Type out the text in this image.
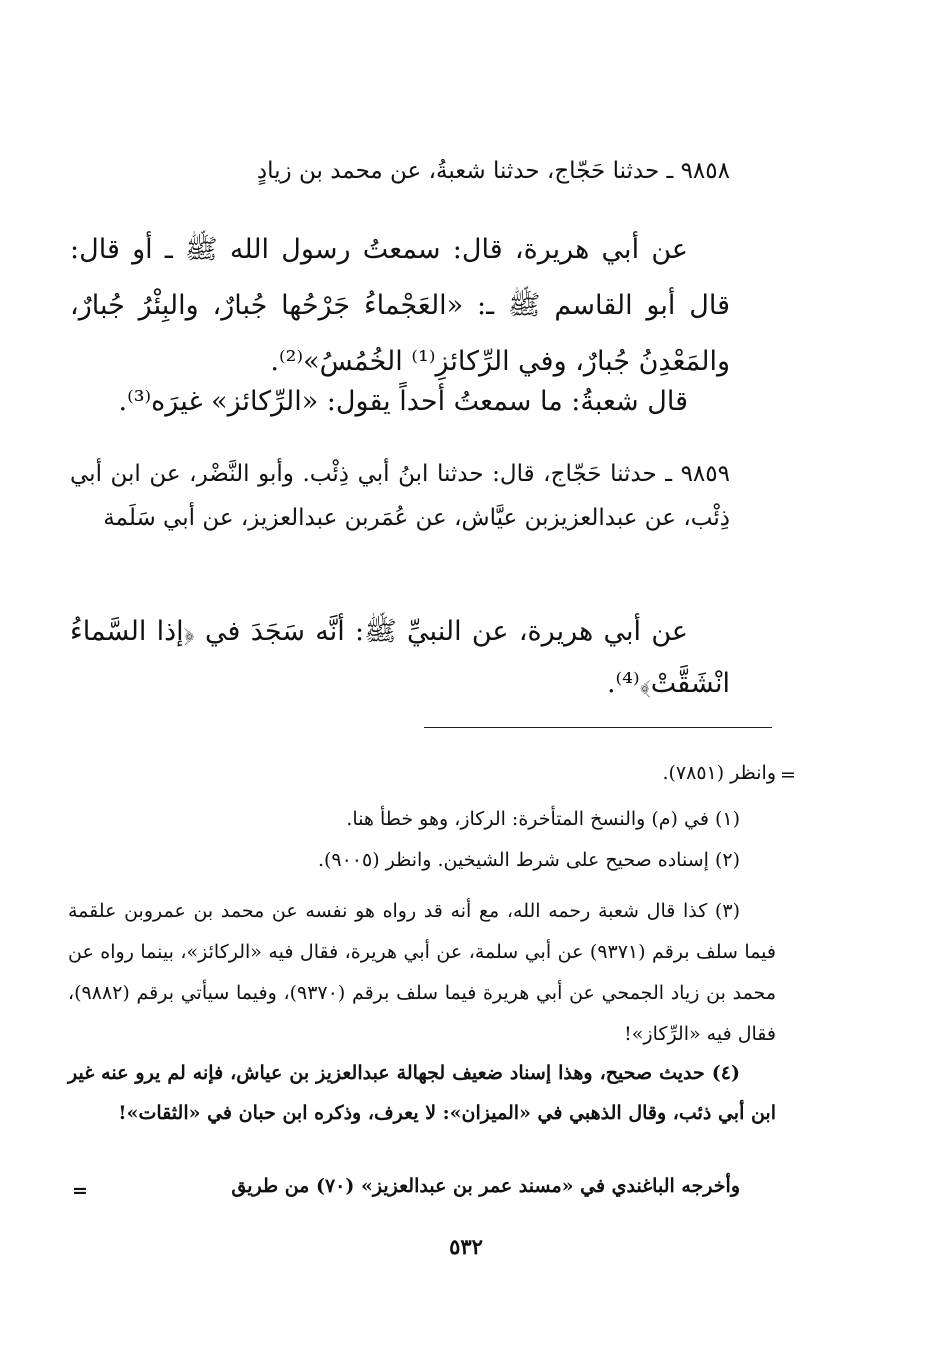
٩٨٥٨ ـ حدثنا حَجّاج، حدثنا شعبةُ، عن محمد بن زيادٍ

عن أبي هريرة، قال: سمعتُ رسول الله ﷺ ـ أو قال: قال أبو القاسم ﷺ ـ: «العَجْماءُ جَرْحُها جُبارٌ، والبِئْرُ جُبارٌ، والمَعْدِنُ جُبارٌ، وفي الرِّكائزِ⁽¹⁾ الخُمُسُ»⁽²⁾.

قال شعبةُ: ما سمعتُ أحداً يقول: «الرِّكائز» غيرَه⁽³⁾.

٩٨٥٩ ـ حدثنا حَجّاج، قال: حدثنا ابنُ أبي ذِئْب. وأبو النَّضْر، عن ابن أبي ذِئْب، عن عبدالعزيزبن عيَّاش، عن عُمَربن عبدالعزيز، عن أبي سَلَمة

عن أبي هريرة، عن النبيِّ ﷺ: أنَّه سَجَدَ في ﴿إذا السَّماءُ انْشَقَّتْ﴾⁽⁴⁾.

=

وانظر (٧٨٥١).

(١) في (م) والنسخ المتأخرة: الركاز، وهو خطأ هنا.

(٢) إسناده صحيح على شرط الشيخين. وانظر (٩٠٠٥).

(٣) كذا قال شعبة رحمه الله، مع أنه قد رواه هو نفسه عن محمد بن عمروبن علقمة فيما سلف برقم (٩٣٧١) عن أبي سلمة، عن أبي هريرة، فقال فيه «الركائز»، بينما رواه عن محمد بن زياد الجمحي عن أبي هريرة فيما سلف برقم (٩٣٧٠)، وفيما سيأتي برقم (٩٨٨٢)، فقال فيه «الرِّكاز»!

(٤) حديث صحيح، وهذا إسناد ضعيف لجهالة عبدالعزيز بن عياش، فإنه لم يرو عنه غير ابن أبي ذئب، وقال الذهبي في «الميزان»: لا يعرف، وذكره ابن حبان في «الثقات»!

وأخرجه الباغندي في «مسند عمر بن عبدالعزيز» (٧٠) من طريق

=
٥٣٢
